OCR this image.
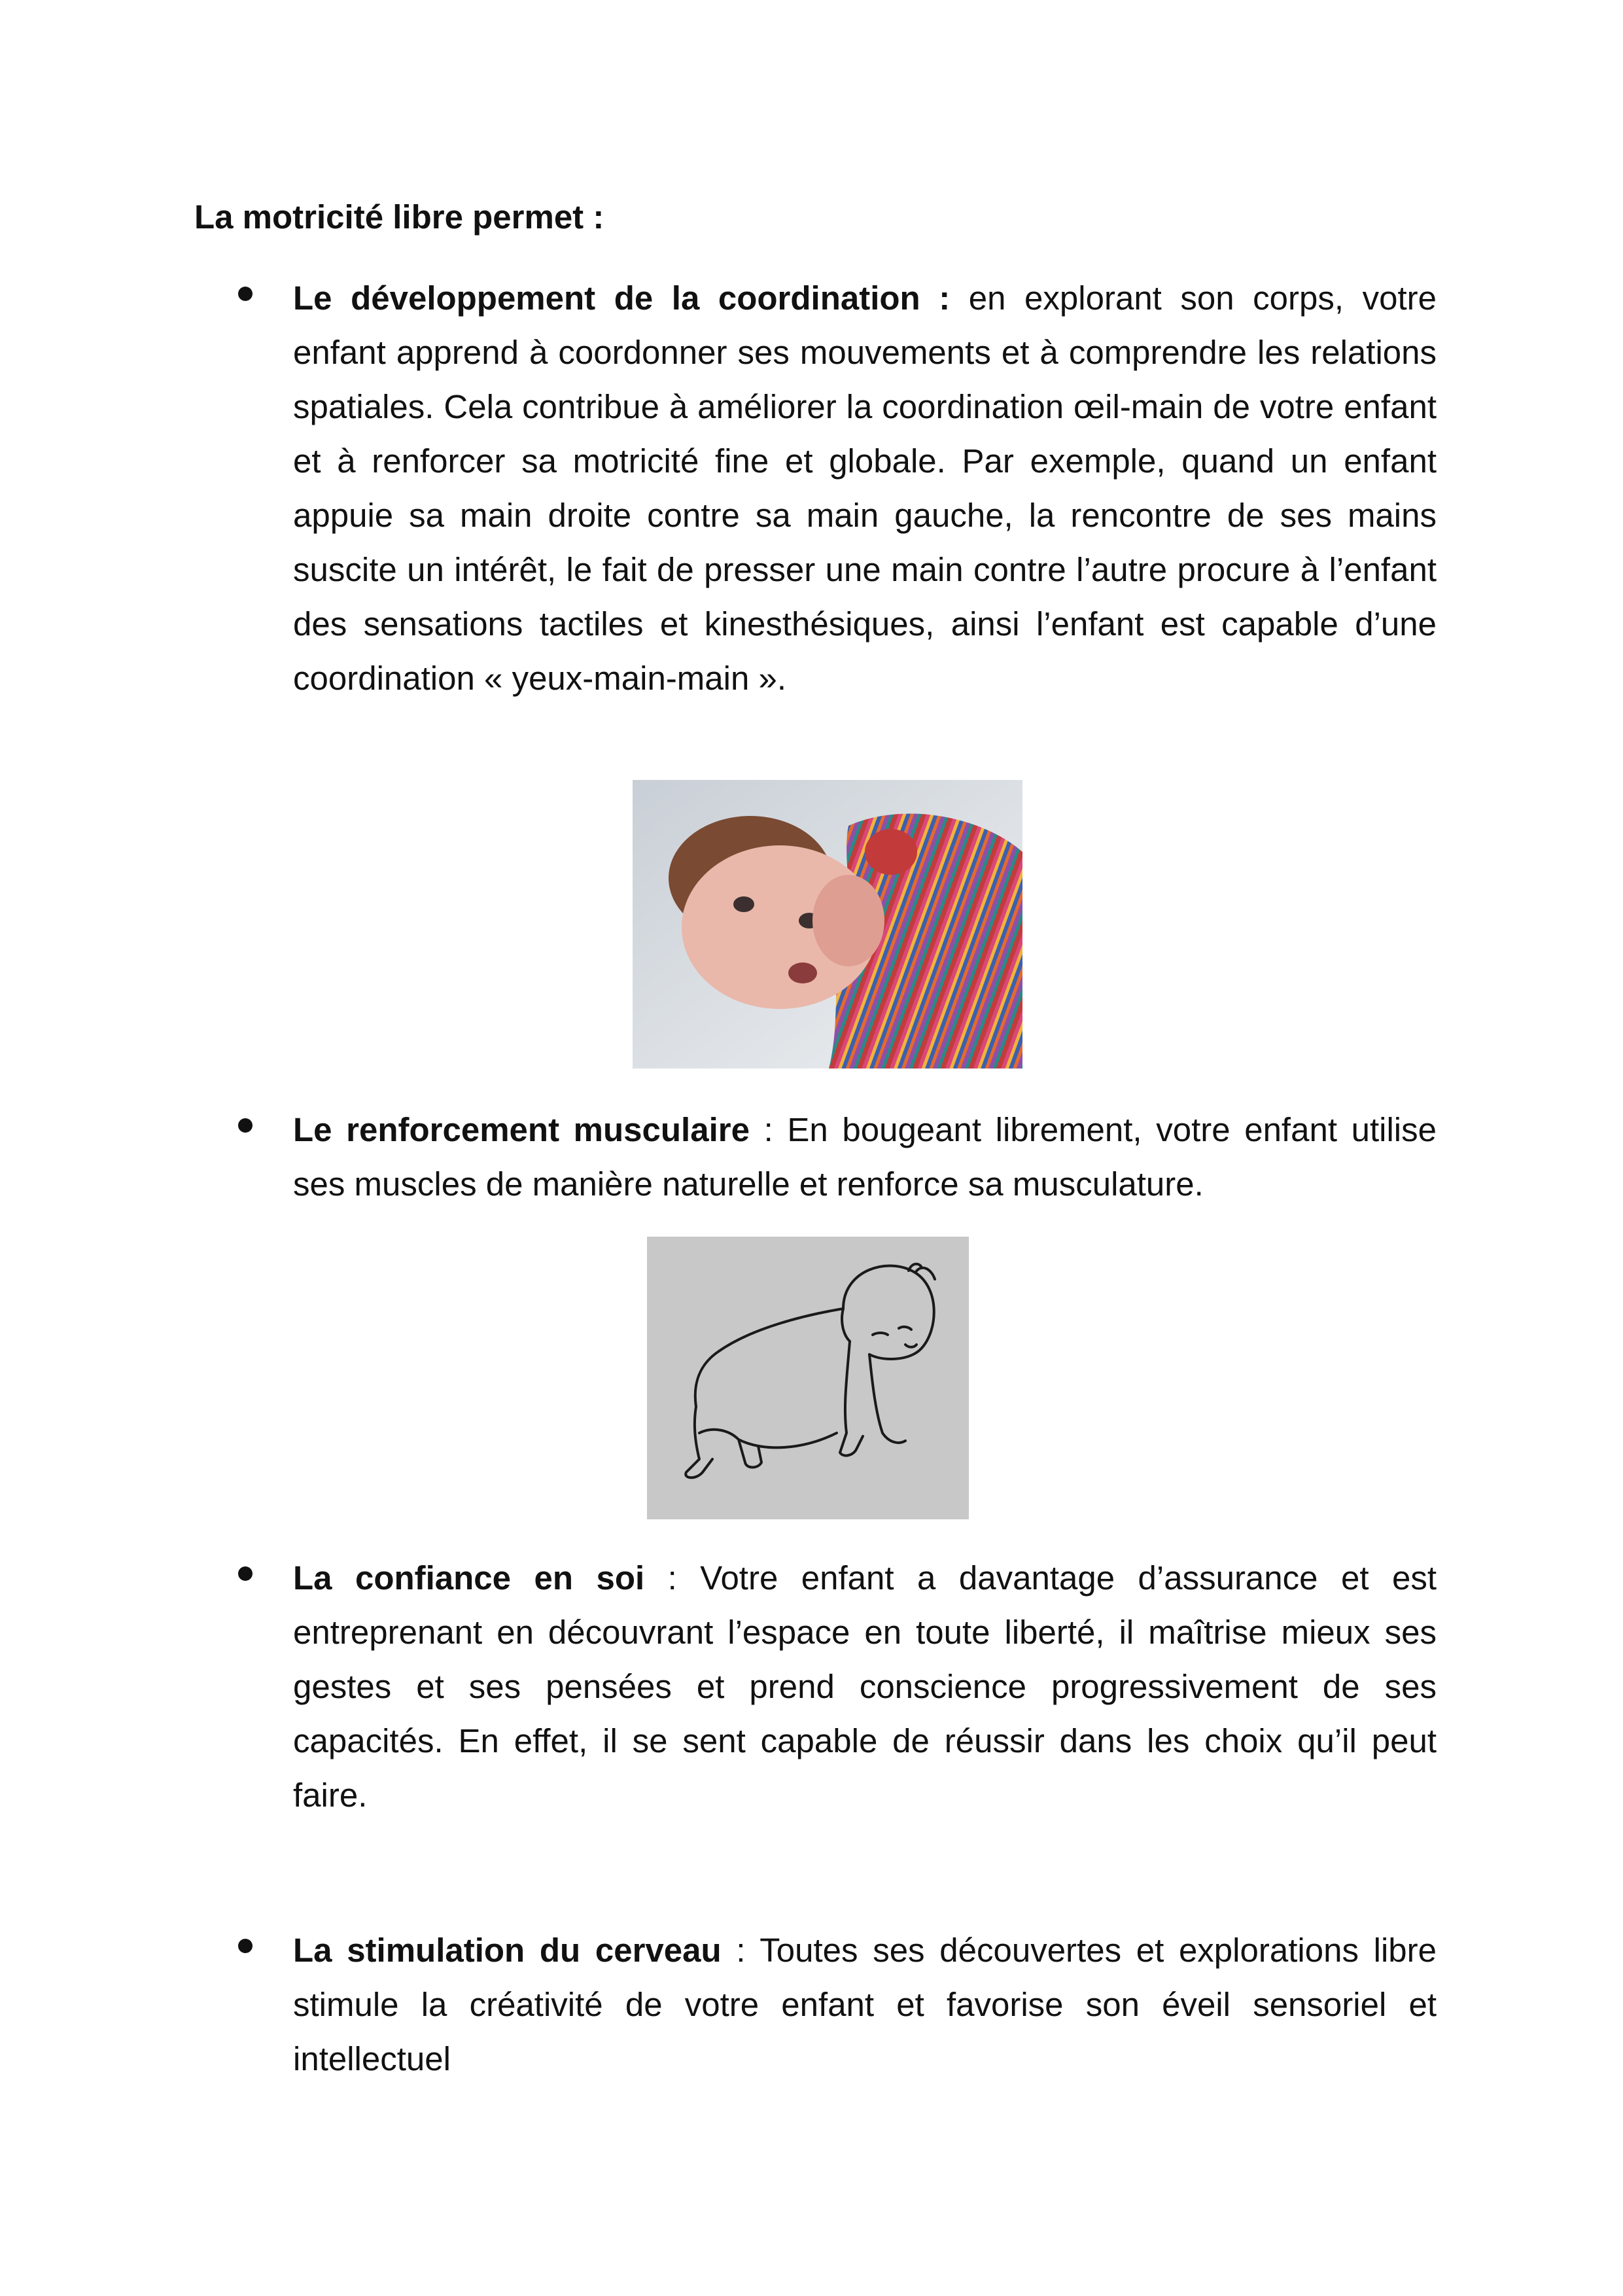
La motricité libre permet :
Le développement de la coordination : en explorant son corps, votre enfant apprend à coordonner ses mouvements et à comprendre les relations spatiales. Cela contribue à améliorer la coordination œil-main de votre enfant et à renforcer sa motricité fine et globale. Par exemple, quand un enfant appuie sa main droite contre sa main gauche, la rencontre de ses mains suscite un intérêt, le fait de presser une main contre l’autre procure à l’enfant des sensations tactiles et kinesthésiques, ainsi l’enfant est capable d’une coordination « yeux-main-main ».
Le renforcement musculaire : En bougeant librement, votre enfant utilise ses muscles de manière naturelle et renforce sa musculature.
La confiance en soi : Votre enfant a davantage d’assurance et est entreprenant en découvrant l’espace en toute liberté, il maîtrise mieux ses gestes et ses pensées et prend conscience progressivement de ses capacités. En effet, il se sent capable de réussir dans les choix qu’il peut faire.
La stimulation du cerveau : Toutes ses découvertes et explorations libre stimule la créativité de votre enfant et favorise son éveil sensoriel et intellectuel
